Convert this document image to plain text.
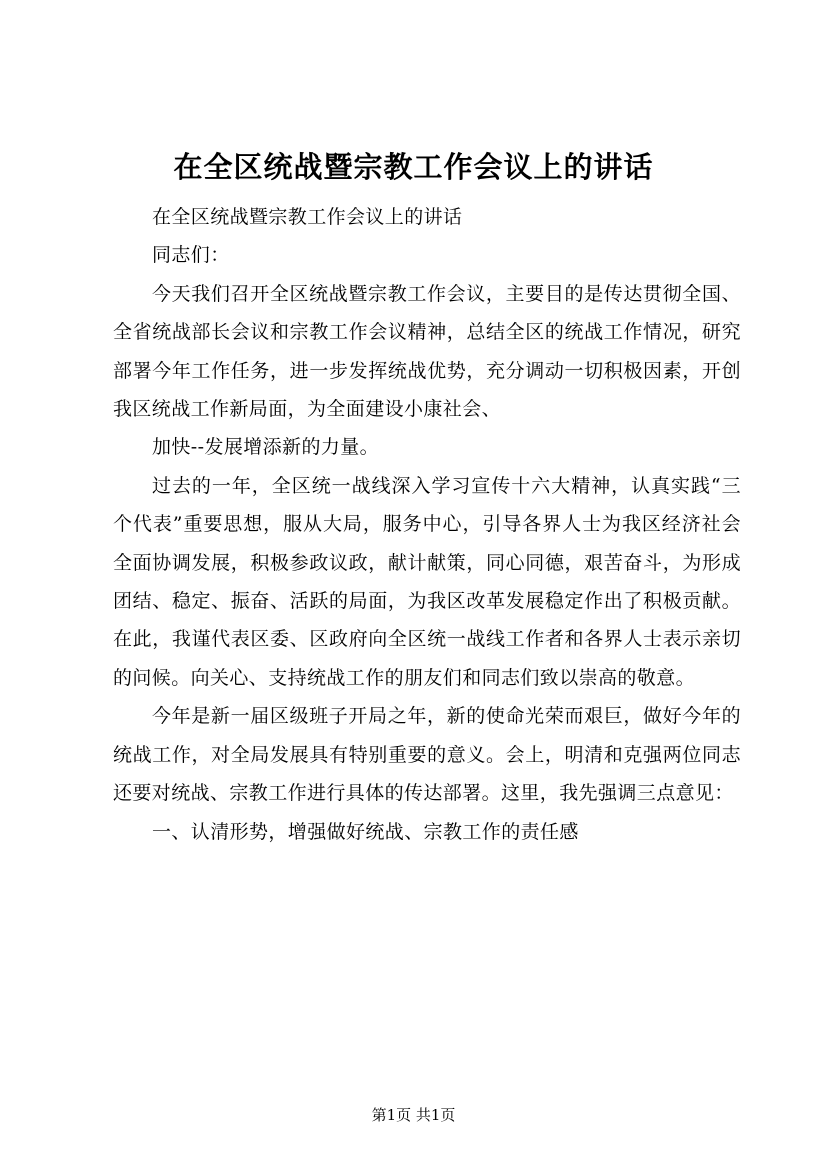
在全区统战暨宗教工作会议上的讲话

在全区统战暨宗教工作会议上的讲话

同志们：

今天我们召开全区统战暨宗教工作会议，主要目的是传达贯彻全国、全省统战部长会议和宗教工作会议精神，总结全区的统战工作情况，研究部署今年工作任务，进一步发挥统战优势，充分调动一切积极因素，开创我区统战工作新局面，为全面建设小康社会、

加快--发展增添新的力量。

过去的一年，全区统一战线深入学习宣传十六大精神，认真实践“三个代表”重要思想，服从大局，服务中心，引导各界人士为我区经济社会全面协调发展，积极参政议政，献计献策，同心同德，艰苦奋斗，为形成团结、稳定、振奋、活跃的局面，为我区改革发展稳定作出了积极贡献。在此，我谨代表区委、区政府向全区统一战线工作者和各界人士表示亲切的问候。向关心、支持统战工作的朋友们和同志们致以崇高的敬意。

今年是新一届区级班子开局之年，新的使命光荣而艰巨，做好今年的统战工作，对全局发展具有特别重要的意义。会上，明清和克强两位同志还要对统战、宗教工作进行具体的传达部署。这里，我先强调三点意见：

一、认清形势，增强做好统战、宗教工作的责任感

第1页 共1页
